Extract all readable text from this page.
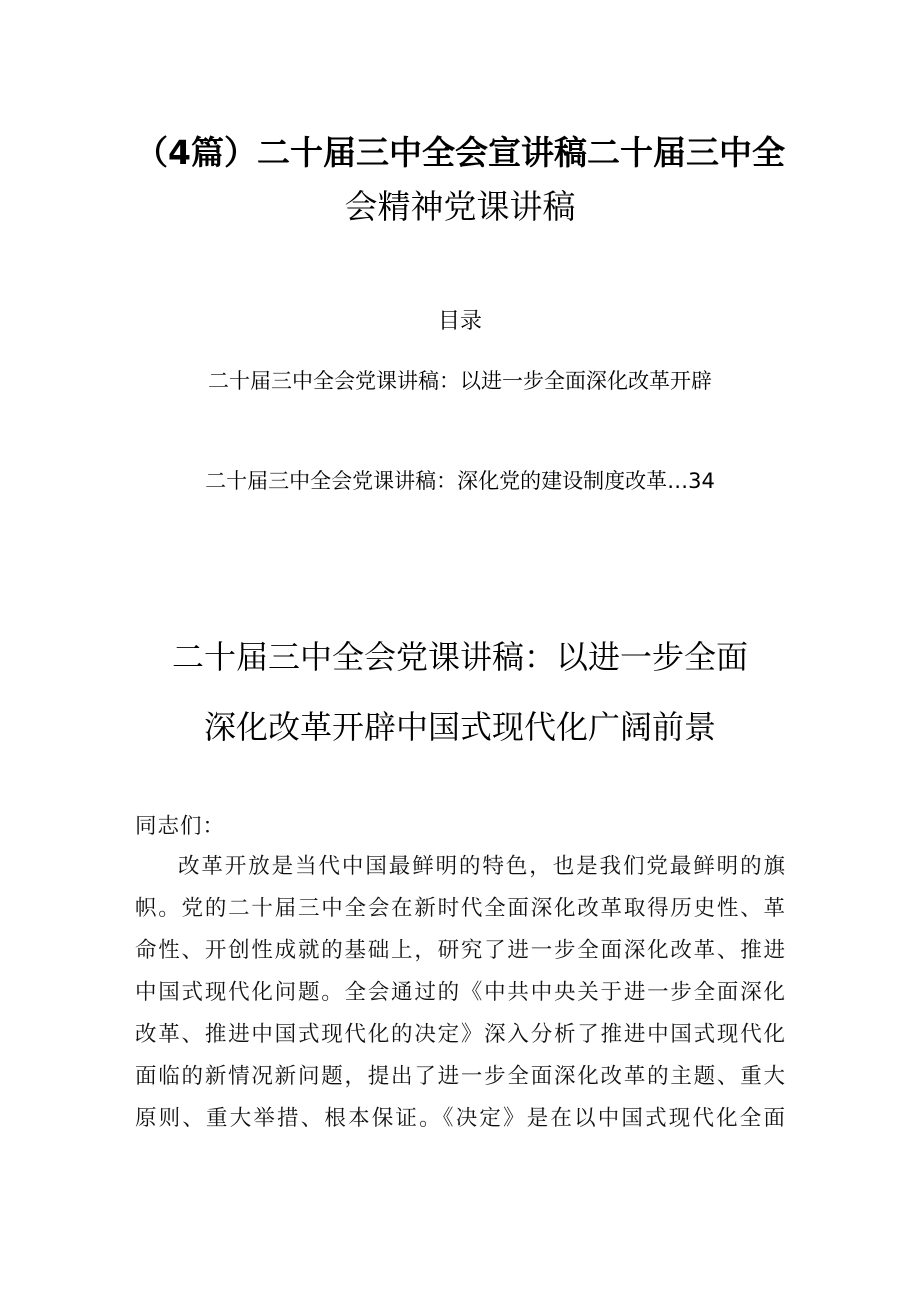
（4篇）二十届三中全会宣讲稿二十届三中全
会精神党课讲稿
目录
二十届三中全会党课讲稿：以进一步全面深化改革开辟
二十届三中全会党课讲稿：深化党的建设制度改革…34
二十届三中全会党课讲稿：以进一步全面
深化改革开辟中国式现代化广阔前景
同志们：
改革开放是当代中国最鲜明的特色，也是我们党最鲜明的旗
帜。党的二十届三中全会在新时代全面深化改革取得历史性、革
命性、开创性成就的基础上，研究了进一步全面深化改革、推进
中国式现代化问题。全会通过的《中共中央关于进一步全面深化
改革、推进中国式现代化的决定》深入分析了推进中国式现代化
面临的新情况新问题，提出了进一步全面深化改革的主题、重大
原则、重大举措、根本保证。《决定》是在以中国式现代化全面
